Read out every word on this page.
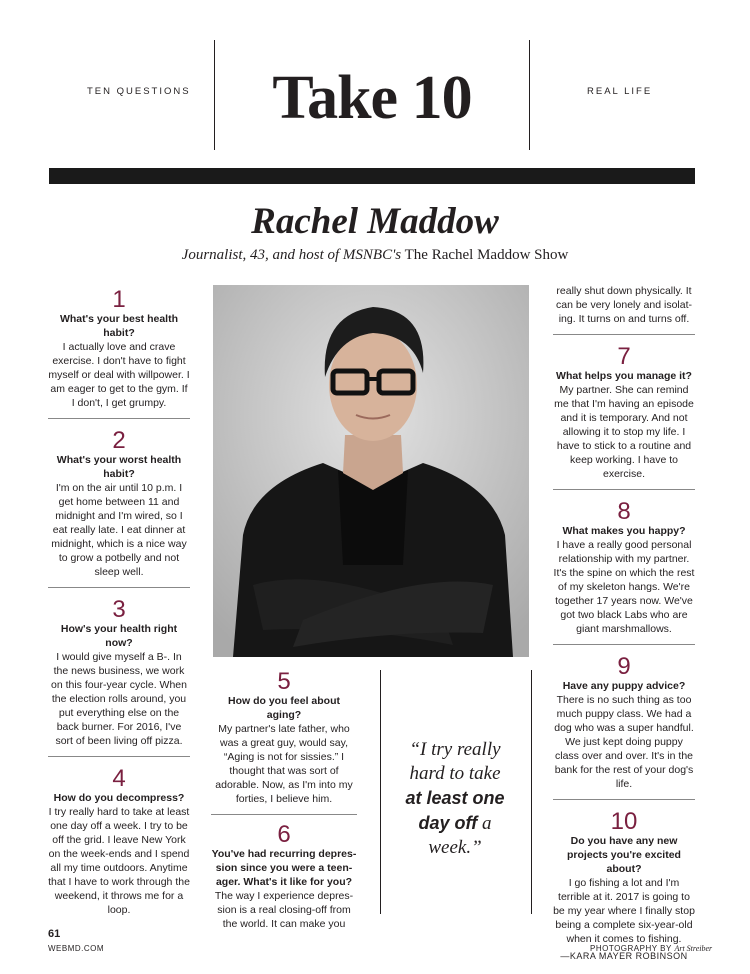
TEN QUESTIONS	Take 10	REAL LIFE
Rachel Maddow
Journalist, 43, and host of MSNBC's The Rachel Maddow Show
1
What's your best health habit?
I actually love and crave exercise. I don't have to fight myself or deal with willpower. I am eager to get to the gym. If I don't, I get grumpy.
2
What's your worst health habit?
I'm on the air until 10 p.m. I get home between 11 and midnight and I'm wired, so I eat really late. I eat dinner at midnight, which is a nice way to grow a potbelly and not sleep well.
3
How's your health right now?
I would give myself a B-. In the news business, we work on this four-year cycle. When the election rolls around, you put everything else on the back burner. For 2016, I've sort of been living off pizza.
4
How do you decompress?
I try really hard to take at least one day off a week. I try to be off the grid. I leave New York on the week-ends and I spend all my time outdoors. Anytime that I have to work through the weekend, it throws me for a loop.
5
How do you feel about aging?
My partner's late father, who was a great guy, would say, “Aging is not for sissies.” I thought that was sort of adorable. Now, as I'm into my forties, I believe him.
6
You've had recurring depres-sion since you were a teen-ager. What's it like for you?
The way I experience depres-sion is a real closing-off from the world. It can make you
“I try really hard to take at least one day off a week.”
really shut down physically. It can be very lonely and isolat-ing. It turns on and turns off.
7
What helps you manage it?
My partner. She can remind me that I'm having an episode and it is temporary. And not allowing it to stop my life. I have to stick to a routine and keep working. I have to exercise.
8
What makes you happy?
I have a really good personal relationship with my partner. It's the spine on which the rest of my skeleton hangs. We're together 17 years now. We've got two black Labs who are giant marshmallows.
9
Have any puppy advice?
There is no such thing as too much puppy class. We had a dog who was a super handful. We just kept doing puppy class over and over. It's in the bank for the rest of your dog's life.
10
Do you have any new projects you're excited about?
I go fishing a lot and I'm terrible at it. 2017 is going to be my year where I finally stop being a complete six-year-old when it comes to fishing.
—KARA MAYER ROBINSON
61
WEBMD.COM	PHOTOGRAPHY BY Art Streiber
